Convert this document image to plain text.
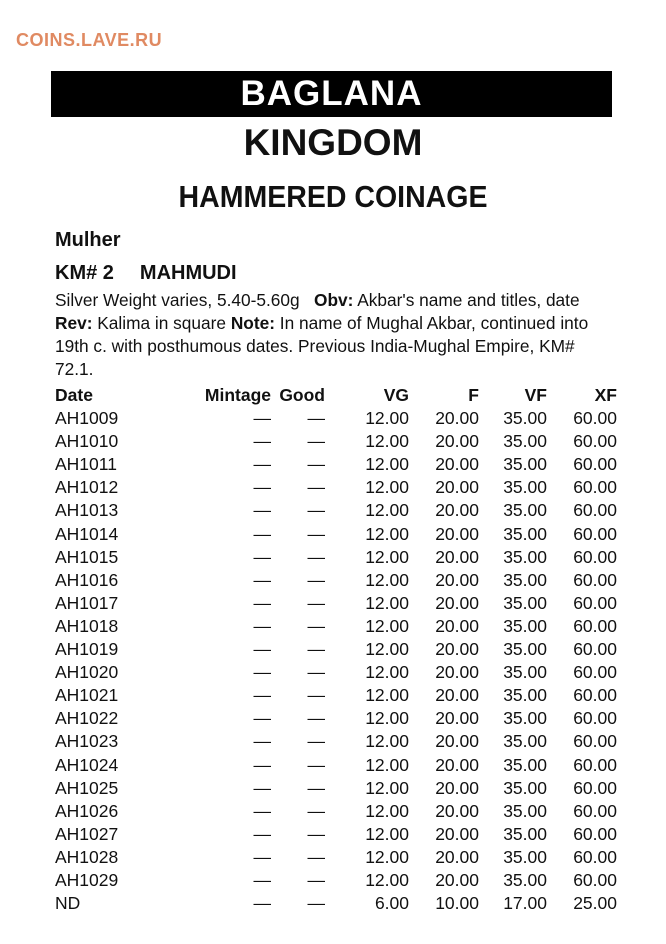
COINS.LAVE.RU
BAGLANA
KINGDOM
HAMMERED COINAGE
Mulher
KM# 2 MAHMUDI
Silver Weight varies, 5.40-5.60g Obv: Akbar's name and titles, date Rev: Kalima in square Note: In name of Mughal Akbar, continued into 19th c. with posthumous dates. Previous India-Mughal Empire, KM# 72.1.
Date	Mintage	Good	VG	F	VF	XF
AH1009	—	—	12.00	20.00	35.00	60.00
AH1010	—	—	12.00	20.00	35.00	60.00
AH1011	—	—	12.00	20.00	35.00	60.00
AH1012	—	—	12.00	20.00	35.00	60.00
AH1013	—	—	12.00	20.00	35.00	60.00
AH1014	—	—	12.00	20.00	35.00	60.00
AH1015	—	—	12.00	20.00	35.00	60.00
AH1016	—	—	12.00	20.00	35.00	60.00
AH1017	—	—	12.00	20.00	35.00	60.00
AH1018	—	—	12.00	20.00	35.00	60.00
AH1019	—	—	12.00	20.00	35.00	60.00
AH1020	—	—	12.00	20.00	35.00	60.00
AH1021	—	—	12.00	20.00	35.00	60.00
AH1022	—	—	12.00	20.00	35.00	60.00
AH1023	—	—	12.00	20.00	35.00	60.00
AH1024	—	—	12.00	20.00	35.00	60.00
AH1025	—	—	12.00	20.00	35.00	60.00
AH1026	—	—	12.00	20.00	35.00	60.00
AH1027	—	—	12.00	20.00	35.00	60.00
AH1028	—	—	12.00	20.00	35.00	60.00
AH1029	—	—	12.00	20.00	35.00	60.00
ND	—	—	6.00	10.00	17.00	25.00
